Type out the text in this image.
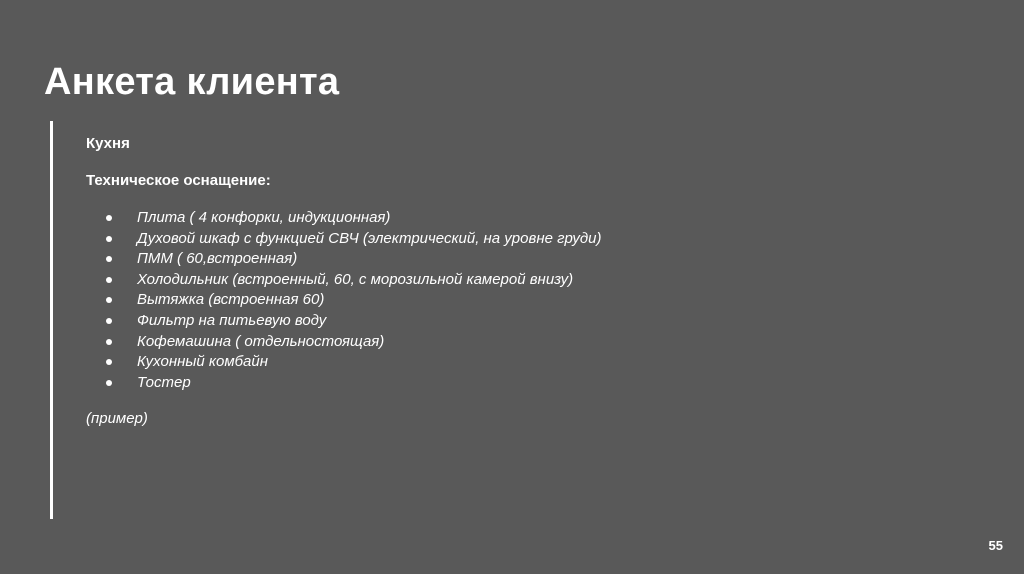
Анкета клиента

Кухня

Техническое оснащение:

Плита ( 4 конфорки, индукционная)
Духовой шкаф с функцией СВЧ (электрический, на уровне груди)
ПММ ( 60,встроенная)
Холодильник (встроенный, 60, с морозильной камерой внизу)
Вытяжка (встроенная 60)
Фильтр на питьевую воду
Кофемашина ( отдельностоящая)
Кухонный комбайн
Тостер

(пример)

55
